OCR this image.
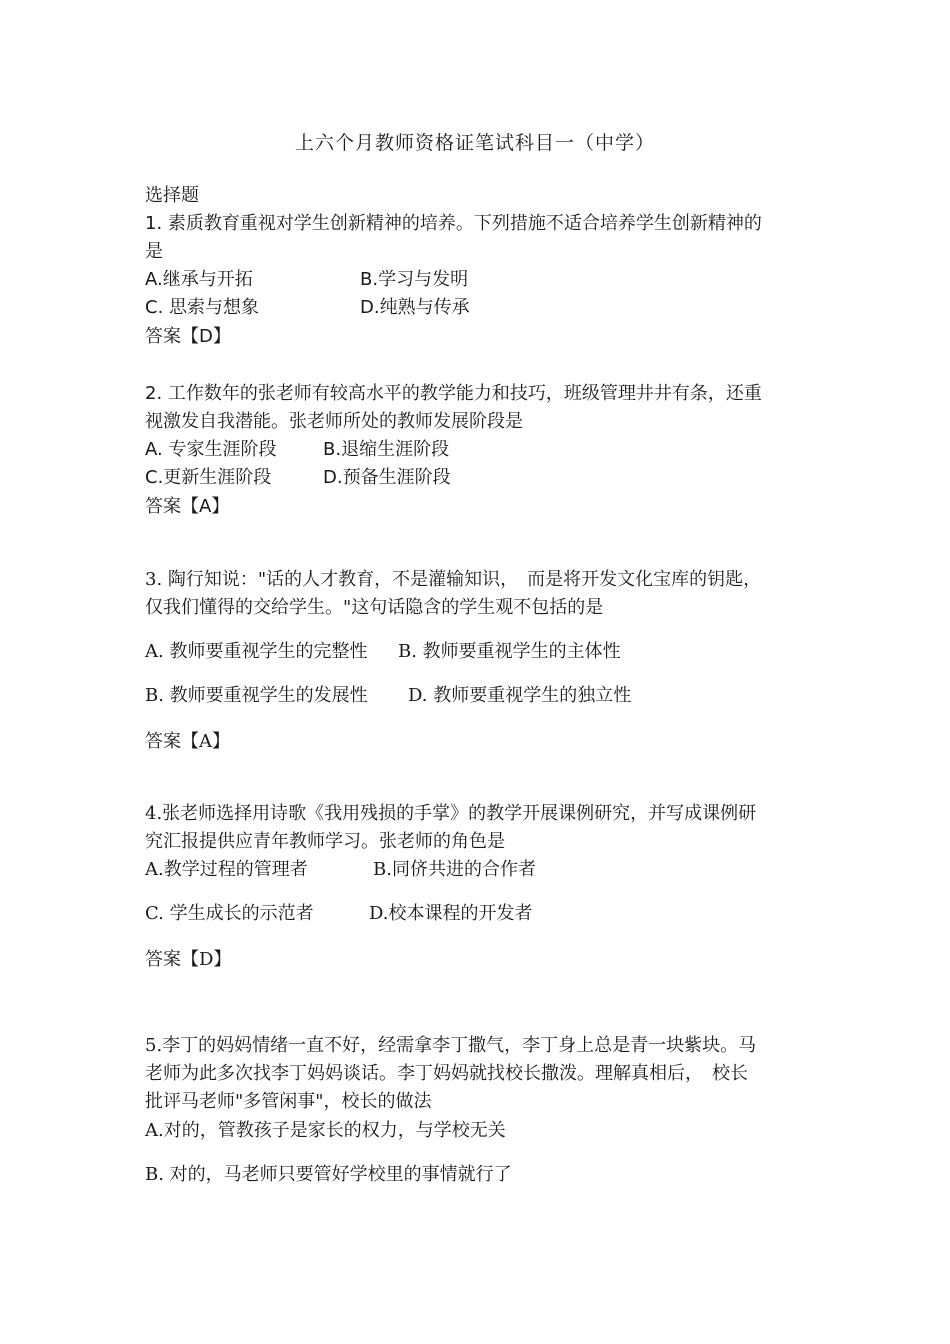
上六个月教师资格证笔试科目一（中学）
选择题
1. 素质教育重视对学生创新精神的培养。下列措施不适合培养学生创新精神的
是
A.继承与开拓	B.学习与发明
C. 思索与想象	D.纯熟与传承
答案【D】
2. 工作数年的张老师有较高水平的教学能力和技巧，班级管理井井有条，还重
视激发自我潜能。张老师所处的教师发展阶段是
A. 专家生涯阶段	B.退缩生涯阶段
C.更新生涯阶段	D.预备生涯阶段
答案【A】
3. 陶行知说："话的人才教育，不是灌输知识，　而是将开发文化宝库的钥匙，
仅我们懂得的交给学生。"这句话隐含的学生观不包括的是
A. 教师要重视学生的完整性 B. 教师要重视学生的主体性
B. 教师要重视学生的发展性 D. 教师要重视学生的独立性
答案【A】
4.张老师选择用诗歌《我用残损的手掌》的教学开展课例研究，并写成课例研
究汇报提供应青年教师学习。张老师的角色是
A.教学过程的管理者	B.同侪共进的合作者
C. 学生成长的示范者	D.校本课程的开发者
答案【D】
5.李丁的妈妈情绪一直不好，经需拿李丁撒气，李丁身上总是青一块紫块。马
老师为此多次找李丁妈妈谈话。李丁妈妈就找校长撒泼。理解真相后，　校长
批评马老师"多管闲事"，校长的做法
A.对的，管教孩子是家长的权力，与学校无关
B. 对的，马老师只要管好学校里的事情就行了
